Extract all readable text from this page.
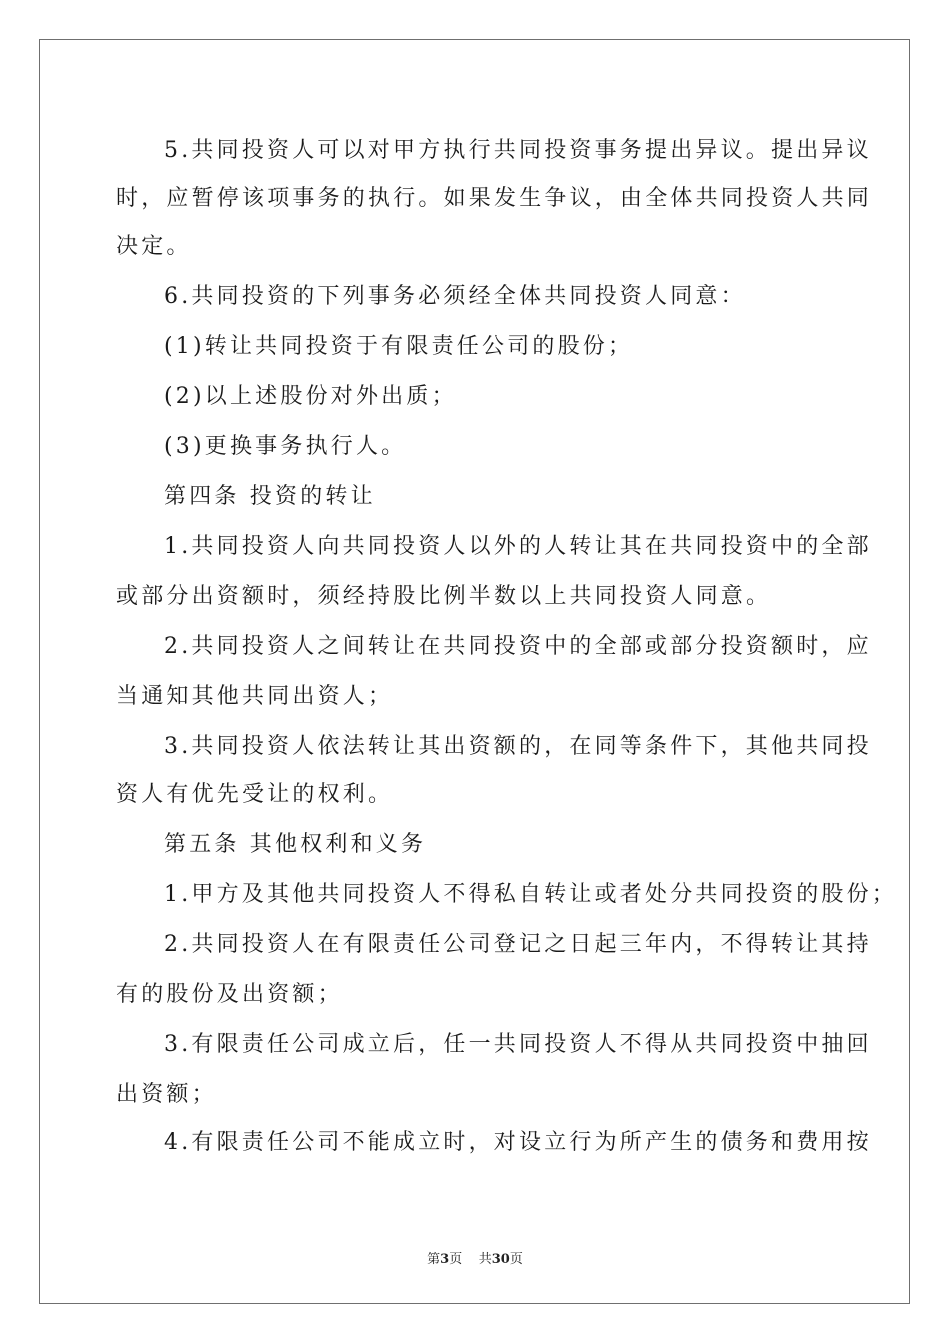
5.共同投资人可以对甲方执行共同投资事务提出异议。提出异议
时，应暂停该项事务的执行。如果发生争议，由全体共同投资人共同
决定。
6.共同投资的下列事务必须经全体共同投资人同意：
(1)转让共同投资于有限责任公司的股份；
(2)以上述股份对外出质；
(3)更换事务执行人。
第四条 投资的转让
1.共同投资人向共同投资人以外的人转让其在共同投资中的全部
或部分出资额时，须经持股比例半数以上共同投资人同意。
2.共同投资人之间转让在共同投资中的全部或部分投资额时，应
当通知其他共同出资人；
3.共同投资人依法转让其出资额的，在同等条件下，其他共同投
资人有优先受让的权利。
第五条 其他权利和义务
1.甲方及其他共同投资人不得私自转让或者处分共同投资的股份；
2.共同投资人在有限责任公司登记之日起三年内，不得转让其持
有的股份及出资额；
3.有限责任公司成立后，任一共同投资人不得从共同投资中抽回
出资额；
4.有限责任公司不能成立时，对设立行为所产生的债务和费用按
第3页    共30页
